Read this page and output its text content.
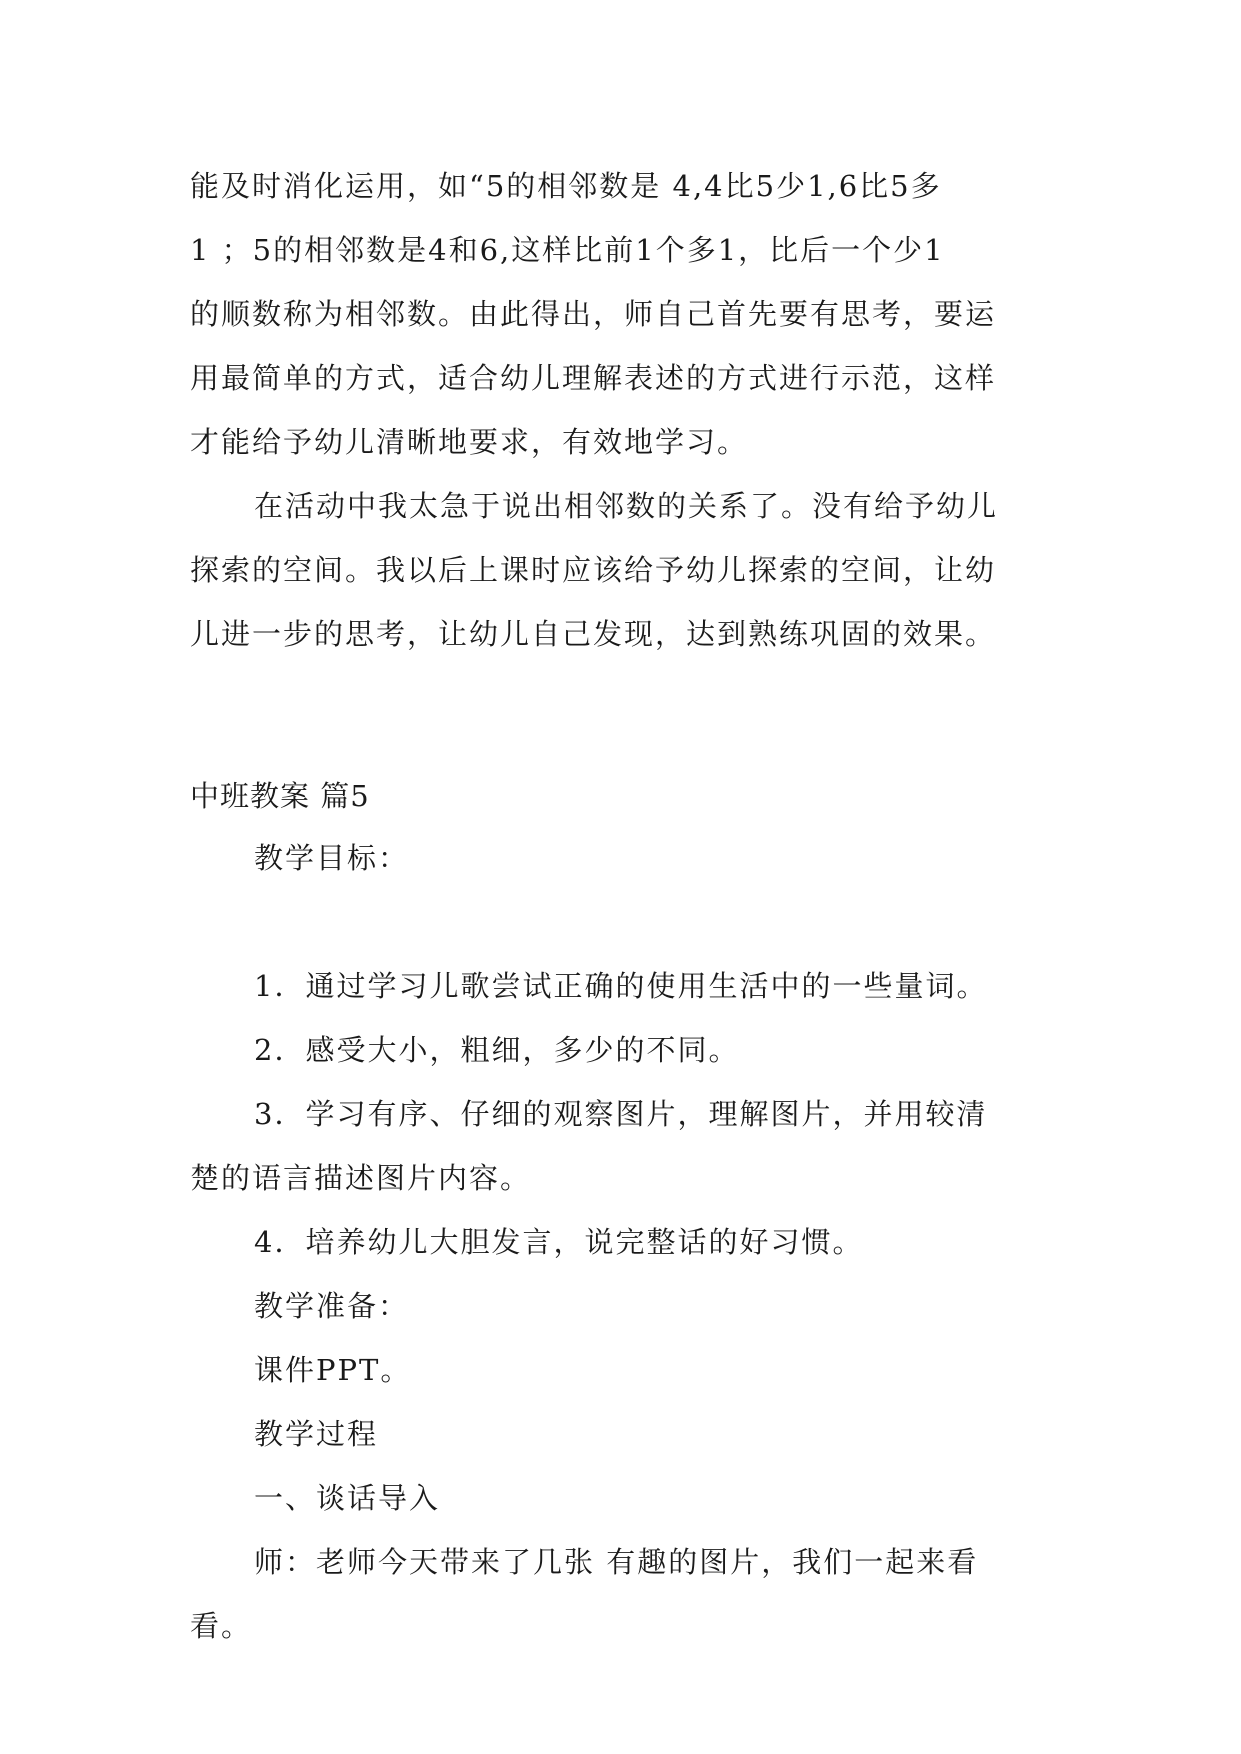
能及时消化运用，如“5的相邻数是 4,4比5少1,6比5多
1 ；5的相邻数是4和6,这样比前1个多1，比后一个少1
的顺数称为相邻数。由此得出，师自己首先要有思考，要运
用最简单的方式，适合幼儿理解表述的方式进行示范，这样
才能给予幼儿清晰地要求，有效地学习。
在活动中我太急于说出相邻数的关系了。没有给予幼儿
探索的空间。我以后上课时应该给予幼儿探索的空间，让幼
儿进一步的思考，让幼儿自己发现，达到熟练巩固的效果。
中班教案 篇5
教学目标：
1．通过学习儿歌尝试正确的使用生活中的一些量词。
2．感受大小，粗细，多少的不同。
3．学习有序、仔细的观察图片，理解图片，并用较清
楚的语言描述图片内容。
4．培养幼儿大胆发言，说完整话的好习惯。
教学准备：
课件PPT。
教学过程
一、谈话导入
师：老师今天带来了几张 有趣的图片，我们一起来看
看。
